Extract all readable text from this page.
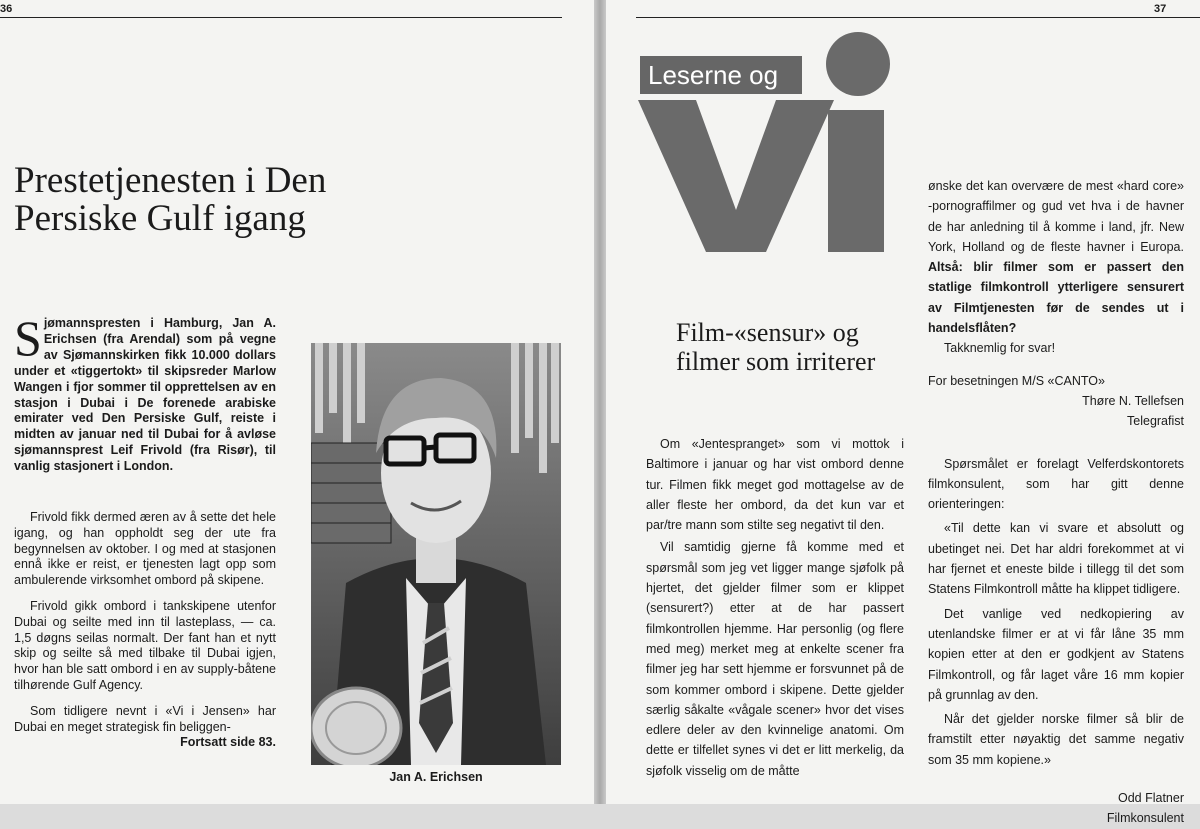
36
Prestetjenesten i Den Persiske Gulf igang
Sjømannspresten i Hamburg, Jan A. Erichsen (fra Arendal) som på vegne av Sjømannskirken fikk 10.000 dollars under et «tiggertokt» til skipsreder Marlow Wangen i fjor sommer til opprettelsen av en stasjon i Dubai i De forenede arabiske emirater ved Den Persiske Gulf, reiste i midten av januar ned til Dubai for å avløse sjømannsprest Leif Frivold (fra Risør), til vanlig stasjonert i London.

Frivold fikk dermed æren av å sette det hele igang, og han oppholdt seg der ute fra begynnelsen av oktober. I og med at stasjonen ennå ikke er reist, er tjenesten lagt opp som ambulerende virksomhet ombord på skipene.

Frivold gikk ombord i tankskipene utenfor Dubai og seilte med inn til lasteplass, — ca. 1,5 døgns seilas normalt. Der fant han et nytt skip og seilte så med tilbake til Dubai igjen, hvor han ble satt ombord i en av supply-båtene tilhørende Gulf Agency.

Som tidligere nevnt i «Vi i Jensen» har Dubai en meget strategisk fin beliggen-

Fortsatt side 83.
Jan A. Erichsen
37
Leserne og
Film-«sensur» og filmer som irriterer

Om «Jentespranget» som vi mottok i Baltimore i januar og har vist ombord denne tur. Filmen fikk meget god mottagelse av de aller fleste her ombord, da det kun var et par/tre mann som stilte seg negativt til den.

Vil samtidig gjerne få komme med et spørsmål som jeg vet ligger mange sjøfolk på hjertet, det gjelder filmer som er klippet (sensurert?) etter at de har passert filmkontrollen hjemme. Har personlig (og flere med meg) merket meg at enkelte scener fra filmer jeg har sett hjemme er forsvunnet på de som kommer ombord i skipene. Dette gjelder særlig såkalte «vågale scener» hvor det vises edlere deler av den kvinnelige anatomi. Om dette er tilfellet synes vi det er litt merkelig, da sjøfolk visselig om de måtte

ønske det kan overvære de mest «hard core» -pornograffilmer og gud vet hva i de havner de har anledning til å komme i land, jfr. New York, Holland og de fleste havner i Europa. Altså: blir filmer som er passert den statlige filmkontroll ytterligere sensurert av Filmtjenesten før de sendes ut i handelsflåten?

Takknemlig for svar!

For besetningen M/S «CANTO»

Thøre N. Tellefsen

Telegrafist

Spørsmålet er forelagt Velferdskontorets filmkonsulent, som har gitt denne orienteringen:

«Til dette kan vi svare et absolutt og ubetinget nei. Det har aldri forekommet at vi har fjernet et eneste bilde i tillegg til det som Statens Filmkontroll måtte ha klippet tidligere.

Det vanlige ved nedkopiering av utenlandske filmer er at vi får låne 35 mm kopien etter at den er godkjent av Statens Filmkontroll, og får laget våre 16 mm kopier på grunnlag av den.

Når det gjelder norske filmer så blir de framstilt etter nøyaktig det samme negativ som 35 mm kopiene.»

Odd Flatner

Filmkonsulent
